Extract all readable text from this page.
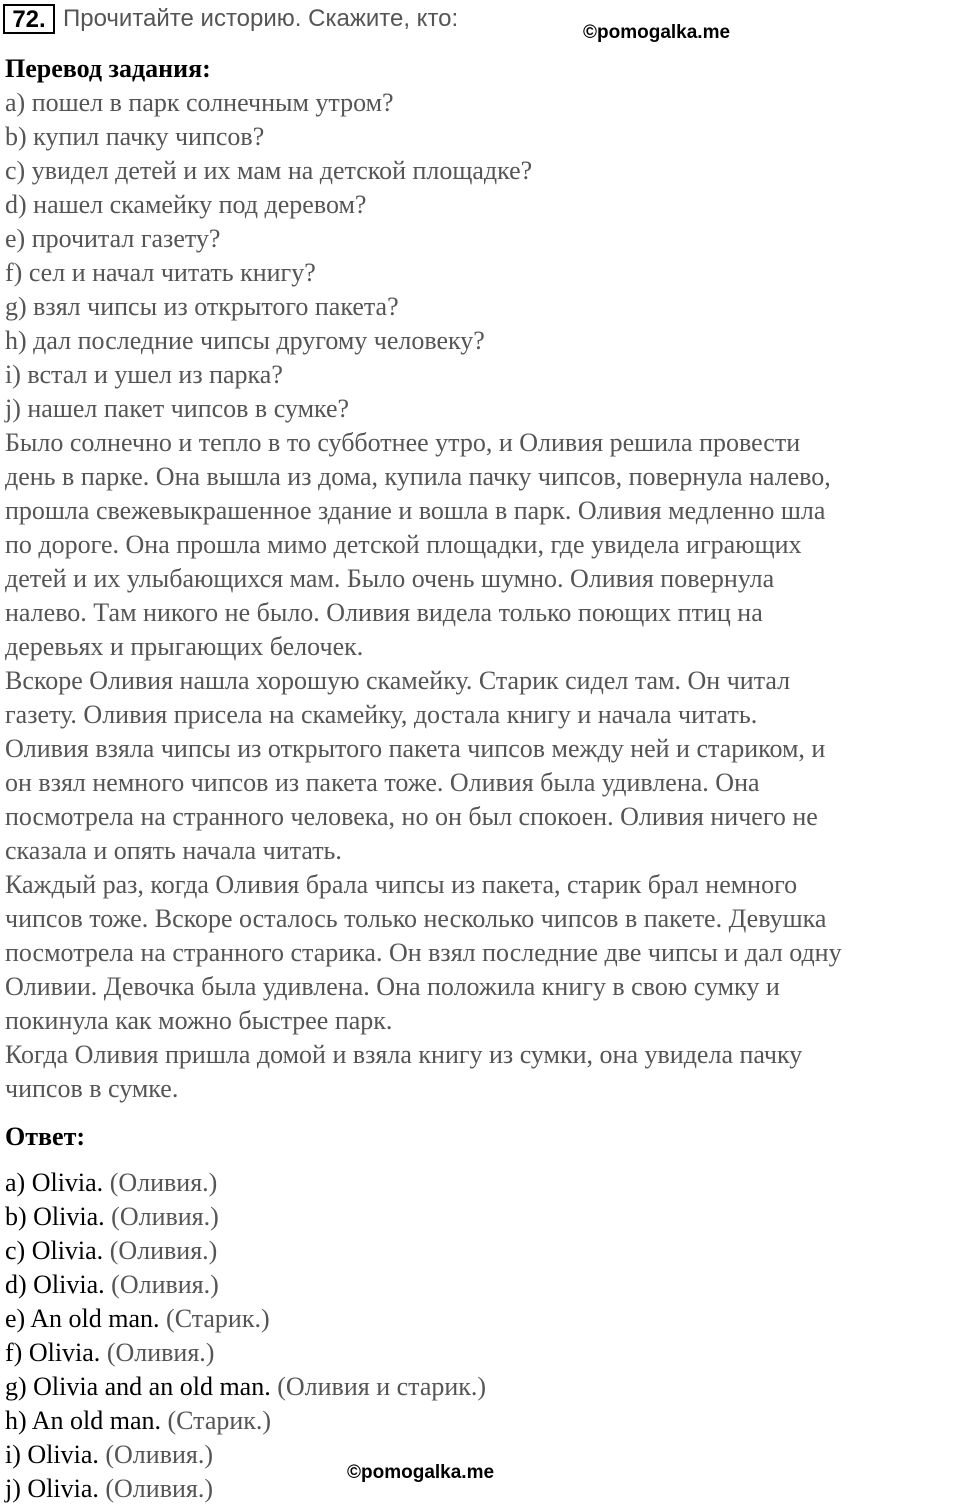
72. Прочитайте историю. Скажите, кто:
©pomogalka.me
Перевод задания:
a) пошел в парк солнечным утром?
b) купил пачку чипсов?
c) увидел детей и их мам на детской площадке?
d) нашел скамейку под деревом?
e) прочитал газету?
f) сел и начал читать книгу?
g) взял чипсы из открытого пакета?
h) дал последние чипсы другому человеку?
i) встал и ушел из парка?
j) нашел пакет чипсов в сумке?
Было солнечно и тепло в то субботнее утро, и Оливия решила провести
день в парке. Она вышла из дома, купила пачку чипсов, повернула налево,
прошла свежевыкрашенное здание и вошла в парк. Оливия медленно шла
по дороге. Она прошла мимо детской площадки, где увидела играющих
детей и их улыбающихся мам. Было очень шумно. Оливия повернула
налево. Там никого не было. Оливия видела только поющих птиц на
деревьях и прыгающих белочек.
Вскоре Оливия нашла хорошую скамейку. Старик сидел там. Он читал
газету. Оливия присела на скамейку, достала книгу и начала читать.
Оливия взяла чипсы из открытого пакета чипсов между ней и стариком, и
он взял немного чипсов из пакета тоже. Оливия была удивлена. Она
посмотрела на странного человека, но он был спокоен. Оливия ничего не
сказала и опять начала читать.
Каждый раз, когда Оливия брала чипсы из пакета, старик брал немного
чипсов тоже. Вскоре осталось только несколько чипсов в пакете. Девушка
посмотрела на странного старика. Он взял последние две чипсы и дал одну
Оливии. Девочка была удивлена. Она положила книгу в свою сумку и
покинула как можно быстрее парк.
Когда Оливия пришла домой и взяла книгу из сумки, она увидела пачку
чипсов в сумке.
Ответ:
a) Olivia. (Оливия.)
b) Olivia. (Оливия.)
c) Olivia. (Оливия.)
d) Olivia. (Оливия.)
e) An old man. (Старик.)
f) Olivia. (Оливия.)
g) Olivia and an old man. (Оливия и старик.)
h) An old man. (Старик.)
i) Olivia. (Оливия.)
j) Olivia. (Оливия.)
©pomogalka.me
